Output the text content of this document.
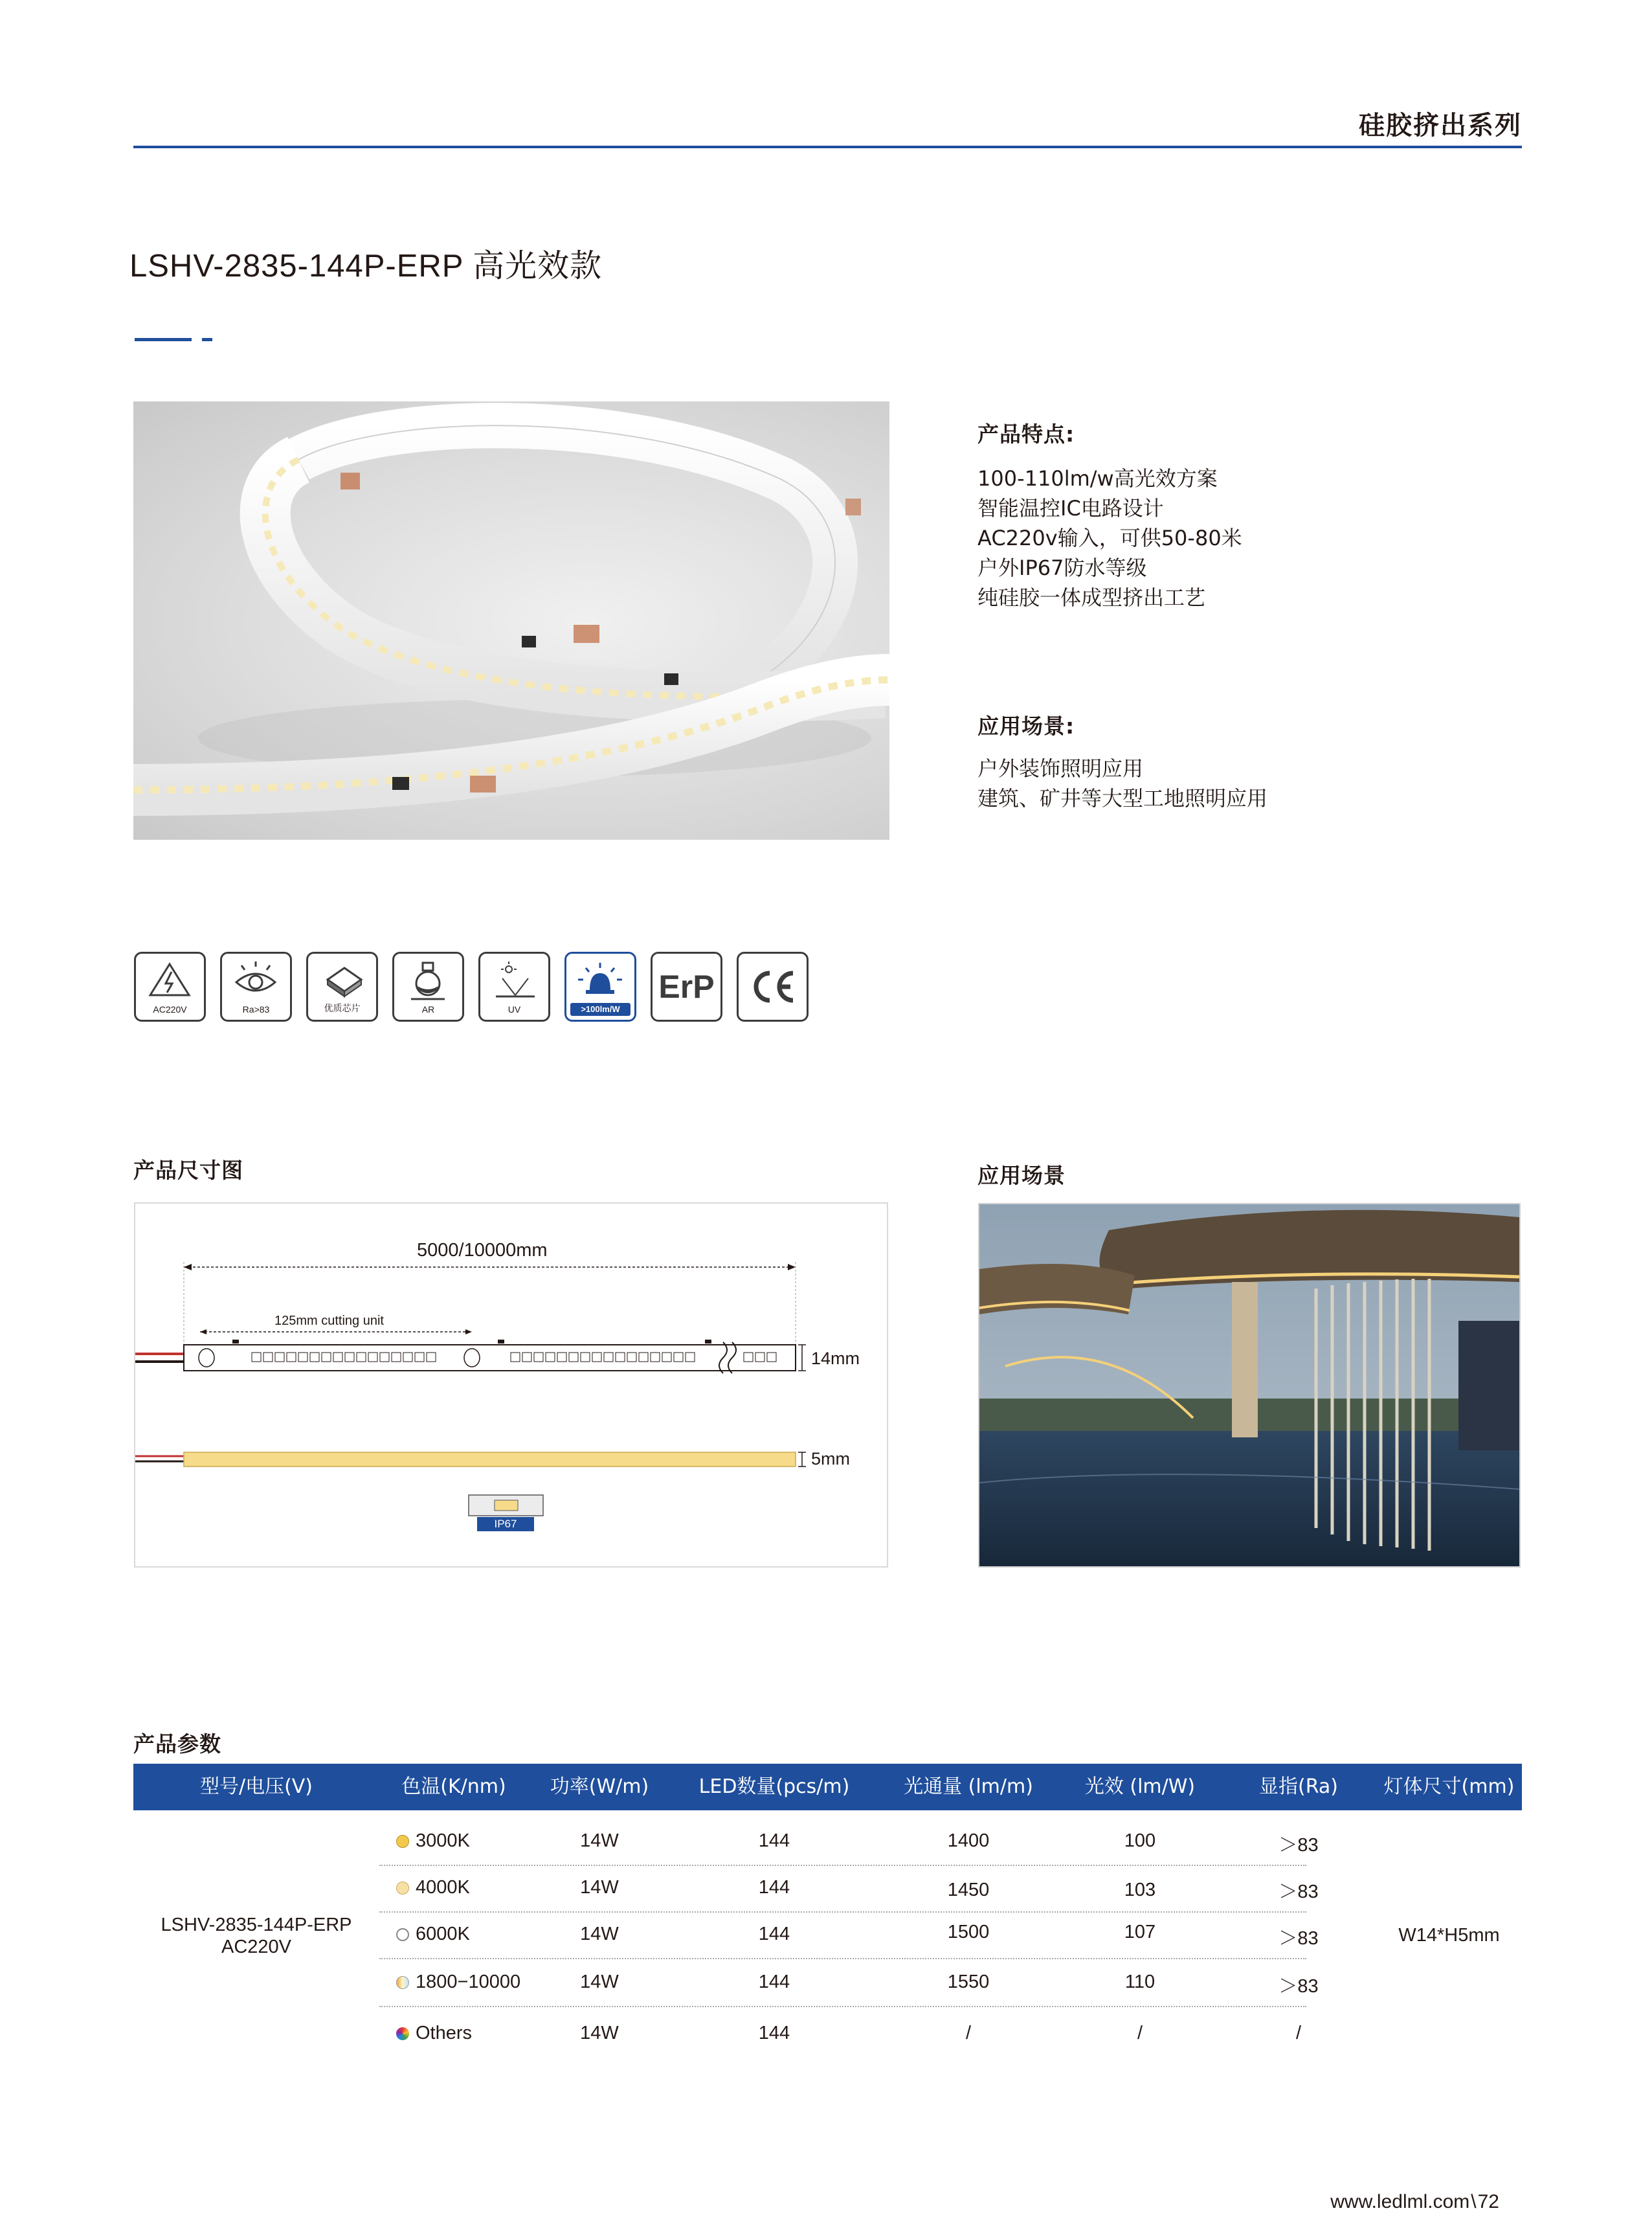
硅胶挤出系列
LSHV-2835-144P-ERP 高光效款
产品特点:
100-110lm/w高光效方案
智能温控IC电路设计
AC220v输入，可供50-80米
户外IP67防水等级
纯硅胶一体成型挤出工艺
应用场景:
户外装饰照明应用
建筑、矿井等大型工地照明应用
AC220V	Ra>83	优质芯片	AR	UV	>100lm/W
ErP
产品尺寸图
5000/10000mm
125mm cutting unit
14mm
5mm
IP67
应用场景
产品参数
型号/电压(V)	色温(K/nm)	功率(W/m)	LED数量(pcs/m)	光通量 (lm/m)	光效 (lm/W)	显指(Ra)	灯体尺寸(mm)
LSHV-2835-144P-ERP
AC220V
W14*H5mm
3000K	14W	144	1400	100	＞83
4000K	14W	144	1450	103	＞83
6000K	14W	144	1500	107	＞83
1800−10000	14W	144	1550	110	＞83
Others	14W	144	/	/	/
www.ledlml.com\72
